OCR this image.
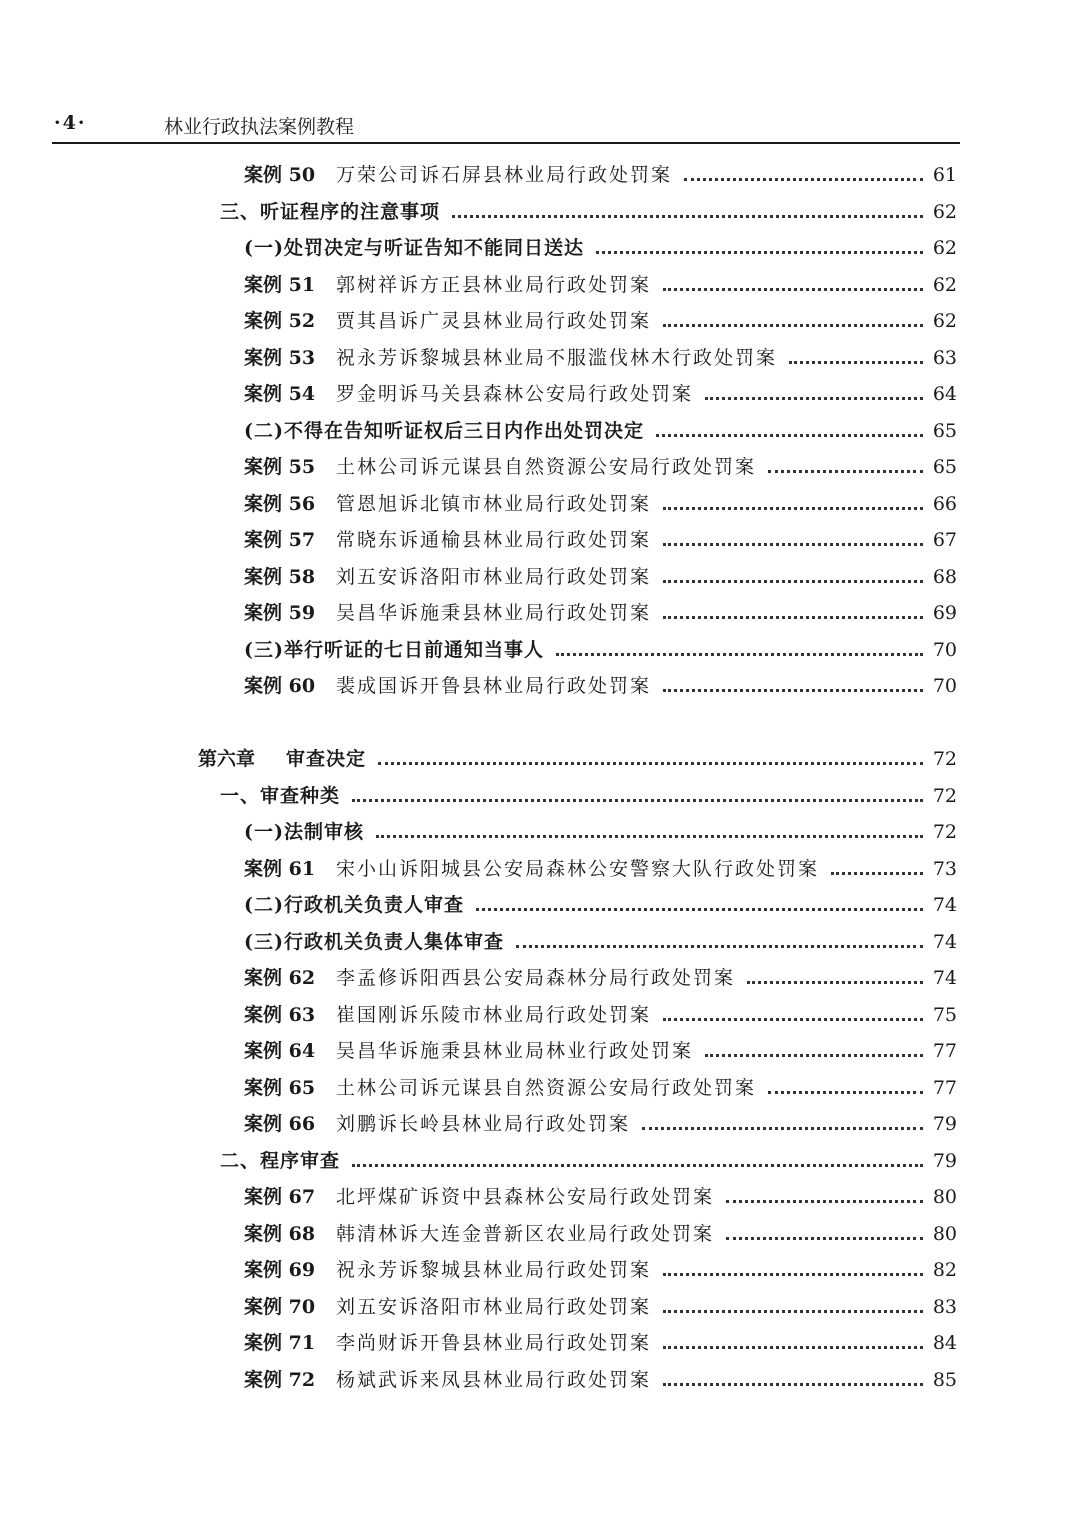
·4·	林业行政执法案例教程
案例 50	万荣公司诉石屏县林业局行政处罚案	61
三、听证程序的注意事项	62
(一)处罚决定与听证告知不能同日送达	62
案例 51	郭树祥诉方正县林业局行政处罚案	62
案例 52	贾其昌诉广灵县林业局行政处罚案	62
案例 53	祝永芳诉黎城县林业局不服滥伐林木行政处罚案	63
案例 54	罗金明诉马关县森林公安局行政处罚案	64
(二)不得在告知听证权后三日内作出处罚决定	65
案例 55	土林公司诉元谋县自然资源公安局行政处罚案	65
案例 56	管恩旭诉北镇市林业局行政处罚案	66
案例 57	常晓东诉通榆县林业局行政处罚案	67
案例 58	刘五安诉洛阳市林业局行政处罚案	68
案例 59	吴昌华诉施秉县林业局行政处罚案	69
(三)举行听证的七日前通知当事人	70
案例 60	裴成国诉开鲁县林业局行政处罚案	70
第六章	审查决定	72
一、审查种类	72
(一)法制审核	72
案例 61	宋小山诉阳城县公安局森林公安警察大队行政处罚案	73
(二)行政机关负责人审查	74
(三)行政机关负责人集体审查	74
案例 62	李孟修诉阳西县公安局森林分局行政处罚案	74
案例 63	崔国刚诉乐陵市林业局行政处罚案	75
案例 64	吴昌华诉施秉县林业局林业行政处罚案	77
案例 65	土林公司诉元谋县自然资源公安局行政处罚案	77
案例 66	刘鹏诉长岭县林业局行政处罚案	79
二、程序审查	79
案例 67	北坪煤矿诉资中县森林公安局行政处罚案	80
案例 68	韩清林诉大连金普新区农业局行政处罚案	80
案例 69	祝永芳诉黎城县林业局行政处罚案	82
案例 70	刘五安诉洛阳市林业局行政处罚案	83
案例 71	李尚财诉开鲁县林业局行政处罚案	84
案例 72	杨斌武诉来凤县林业局行政处罚案	85
